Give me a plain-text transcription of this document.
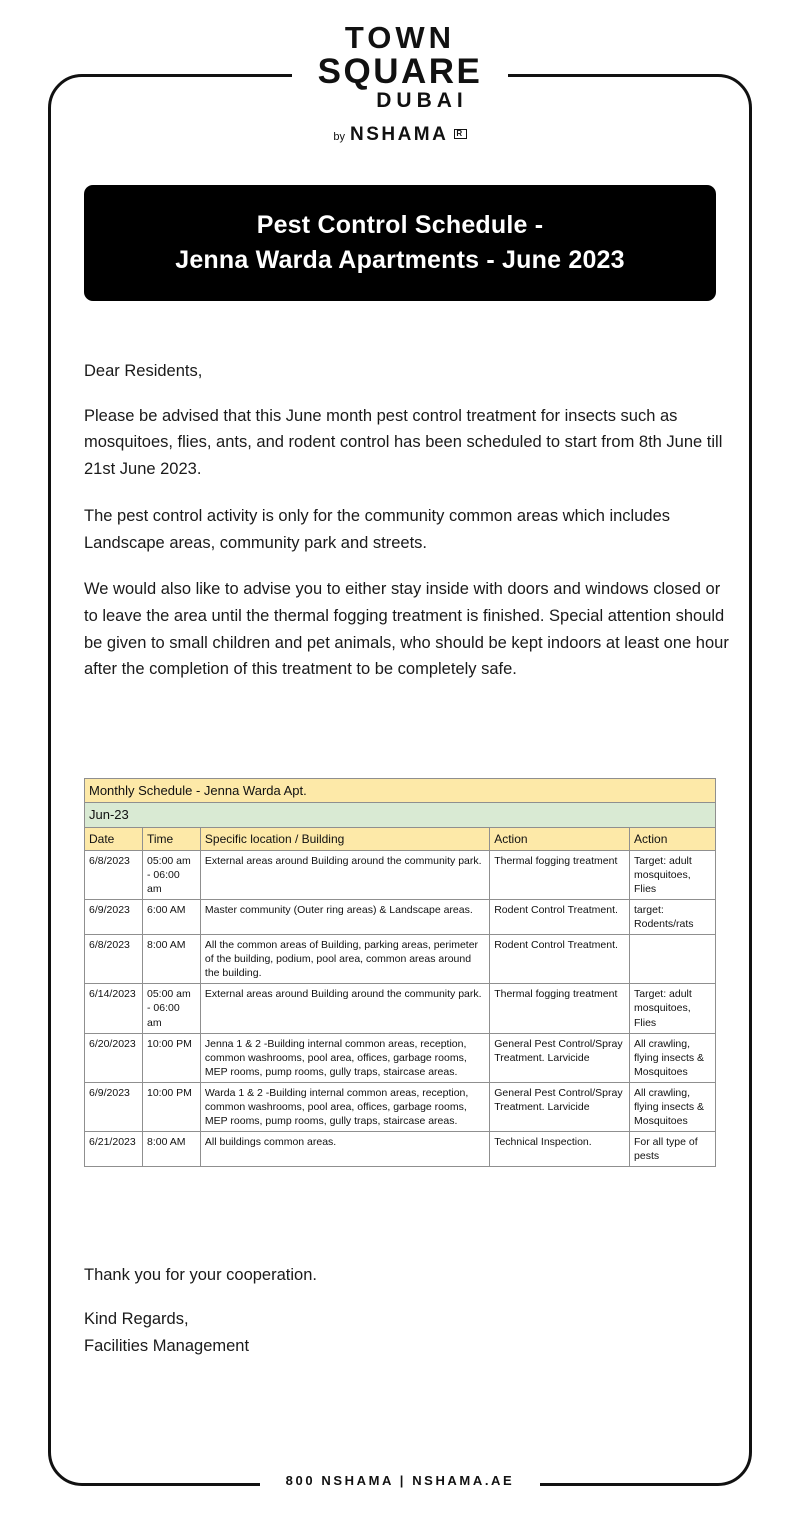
TOWN
SQUARE
DUBAI
by NSHAMA R
800 NSHAMA | NSHAMA.AE
Pest Control Schedule -
Jenna Warda Apartments - June 2023

Dear Residents,

Please be advised that this June month pest control treatment for insects such as mosquitoes, flies, ants, and rodent control has been scheduled to start from 8th June till 21st June 2023.

The pest control activity is only for the community common areas which includes Landscape areas, community park and streets.

We would also like to advise you to either stay inside with doors and windows closed or to leave the area until the thermal fogging treatment is finished. Special attention should be given to small children and pet animals, who should be kept indoors at least one hour after the completion of this treatment to be completely safe.

Monthly Schedule - Jenna Warda Apt.				
Jun-23				
Date	Time	Specific location / Building	Action	Action
6/8/2023	05:00 am - 06:00 am	External areas around Building around the community park.	Thermal fogging treatment	Target: adult mosquitoes, Flies
6/9/2023	6:00 AM	Master community (Outer ring areas) & Landscape areas.	Rodent Control Treatment.	target: Rodents/rats
6/8/2023	8:00 AM	All the common areas of Building, parking areas, perimeter of the building, podium, pool area, common areas around the building.	Rodent Control Treatment.	
6/14/2023	05:00 am - 06:00 am	External areas around Building around the community park.	Thermal fogging treatment	Target: adult mosquitoes, Flies
6/20/2023	10:00 PM	Jenna 1 & 2 -Building internal common areas, reception, common washrooms, pool area, offices, garbage rooms, MEP rooms, pump rooms, gully traps, staircase areas.	General Pest Control/Spray Treatment. Larvicide	All crawling, flying insects & Mosquitoes
6/9/2023	10:00 PM	Warda 1 & 2 -Building internal common areas, reception, common washrooms, pool area, offices, garbage rooms, MEP rooms, pump rooms, gully traps, staircase areas.	General Pest Control/Spray Treatment. Larvicide	All crawling, flying insects & Mosquitoes
6/21/2023	8:00 AM	All buildings common areas.	Technical Inspection.	For all type of pests

Thank you for your cooperation.

Kind Regards,

Facilities Management
